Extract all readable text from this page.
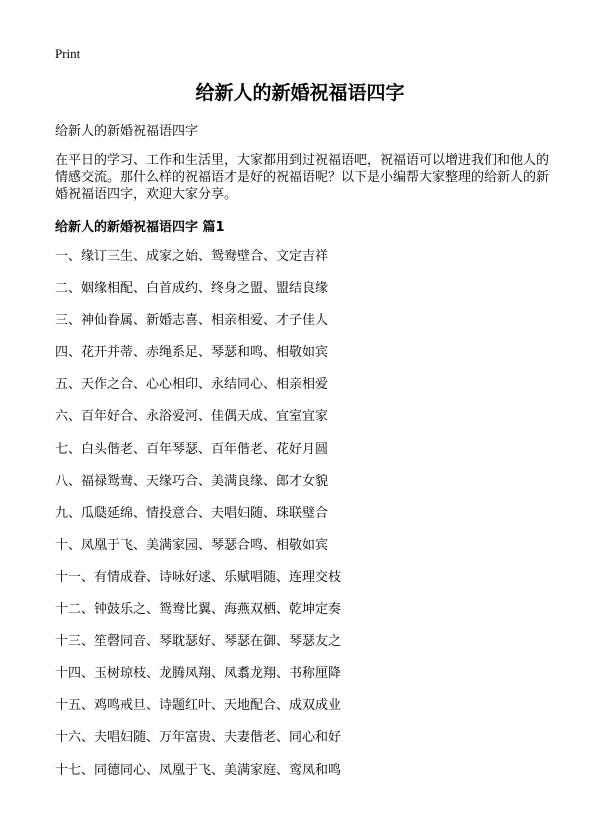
Print
给新人的新婚祝福语四字
给新人的新婚祝福语四字
在平日的学习、工作和生活里，大家都用到过祝福语吧，祝福语可以增进我们和他人的情感交流。那什么样的祝福语才是好的祝福语呢？以下是小编帮大家整理的给新人的新婚祝福语四字，欢迎大家分享。
给新人的新婚祝福语四字 篇1
一、缘订三生、成家之始、鸳鸯壁合、文定吉祥
二、姻缘相配、白首成约、终身之盟、盟结良缘
三、神仙眷属、新婚志喜、相亲相爱、才子佳人
四、花开并蒂、赤绳系足、琴瑟和鸣、相敬如宾
五、天作之合、心心相印、永结同心、相亲相爱
六、百年好合、永浴爱河、佳偶天成、宜室宜家
七、白头偕老、百年琴瑟、百年偕老、花好月圆
八、福禄鸳鸯、天缘巧合、美满良缘、郎才女貌
九、瓜瓞延绵、情投意合、夫唱妇随、珠联璧合
十、凤凰于飞、美满家园、琴瑟合鸣、相敬如宾
十一、有情成眷、诗咏好逑、乐赋唱随、连理交枝
十二、钟鼓乐之、鸳鸯比翼、海燕双栖、乾坤定奏
十三、笙磬同音、琴耽瑟好、琴瑟在御、琴瑟友之
十四、玉树琼枝、龙腾凤翔、凤翥龙翔、书称厘降
十五、鸡鸣戒旦、诗题红叶、天地配合、成双成业
十六、夫唱妇随、万年富贵、夫妻偕老、同心和好
十七、同德同心、凤凰于飞、美满家庭、鸾凤和鸣
